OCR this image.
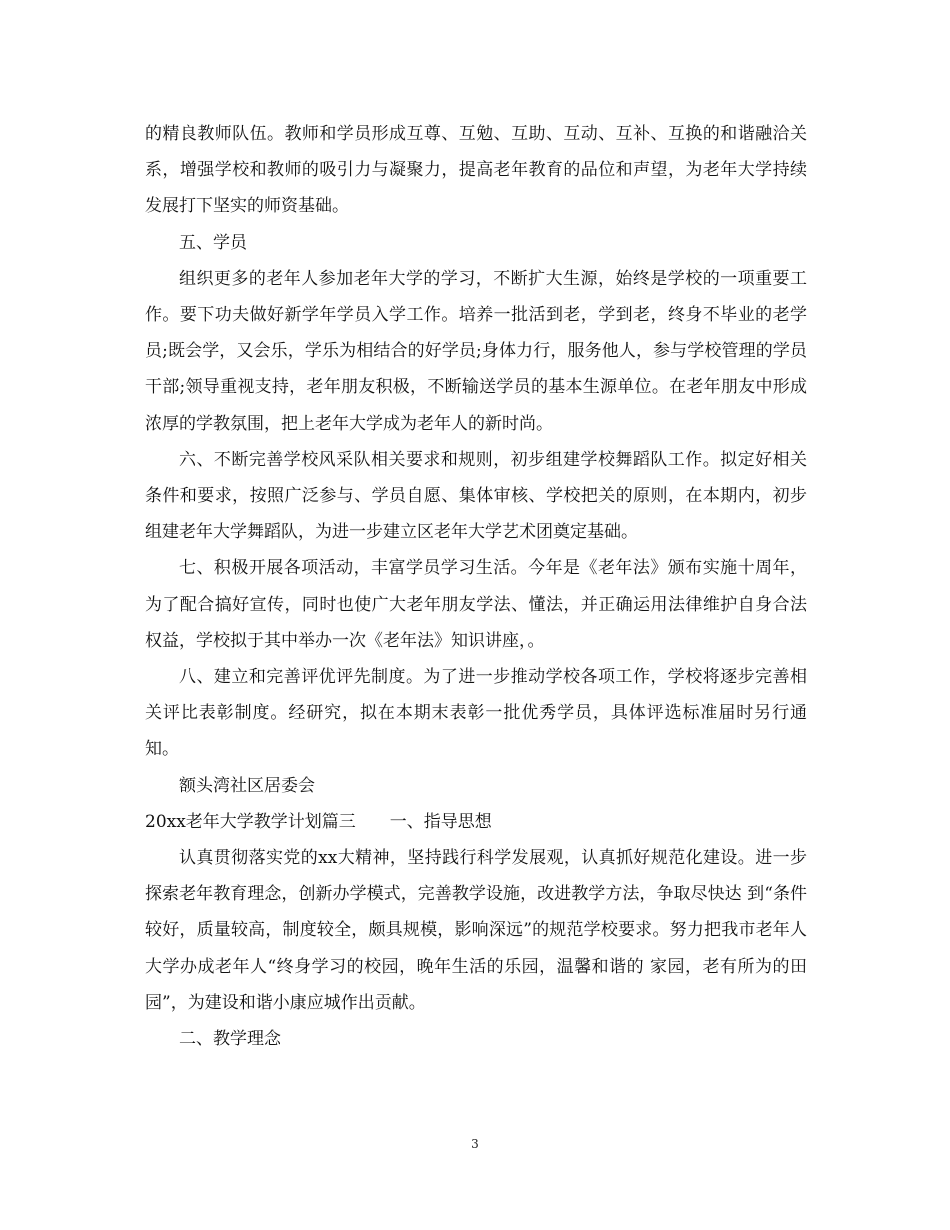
的精良教师队伍。教师和学员形成互尊、互勉、互助、互动、互补、互换的和谐融洽关系，增强学校和教师的吸引力与凝聚力，提高老年教育的品位和声望，为老年大学持续发展打下坚实的师资基础。

五、学员

组织更多的老年人参加老年大学的学习，不断扩大生源，始终是学校的一项重要工作。要下功夫做好新学年学员入学工作。培养一批活到老，学到老，终身不毕业的老学员;既会学，又会乐，学乐为相结合的好学员;身体力行，服务他人，参与学校管理的学员干部;领导重视支持，老年朋友积极，不断输送学员的基本生源单位。在老年朋友中形成浓厚的学教氛围，把上老年大学成为老年人的新时尚。

六、不断完善学校风采队相关要求和规则，初步组建学校舞蹈队工作。拟定好相关条件和要求，按照广泛参与、学员自愿、集体审核、学校把关的原则，在本期内，初步组建老年大学舞蹈队，为进一步建立区老年大学艺术团奠定基础。

七、积极开展各项活动，丰富学员学习生活。今年是《老年法》颁布实施十周年，为了配合搞好宣传，同时也使广大老年朋友学法、懂法，并正确运用法律维护自身合法权益，学校拟于其中举办一次《老年法》知识讲座，。

八、建立和完善评优评先制度。为了进一步推动学校各项工作，学校将逐步完善相关评比表彰制度。经研究，拟在本期末表彰一批优秀学员，具体评选标准届时另行通知。

额头湾社区居委会

20xx老年大学教学计划篇三　　一、指导思想

认真贯彻落实党的xx大精神，坚持践行科学发展观，认真抓好规范化建设。进一步探索老年教育理念，创新办学模式，完善教学设施，改进教学方法，争取尽快达 到“条件较好，质量较高，制度较全，颇具规模，影响深远”的规范学校要求。努力把我市老年人大学办成老年人“终身学习的校园，晚年生活的乐园，温馨和谐的 家园，老有所为的田园”，为建设和谐小康应城作出贡献。

二、教学理念

3
